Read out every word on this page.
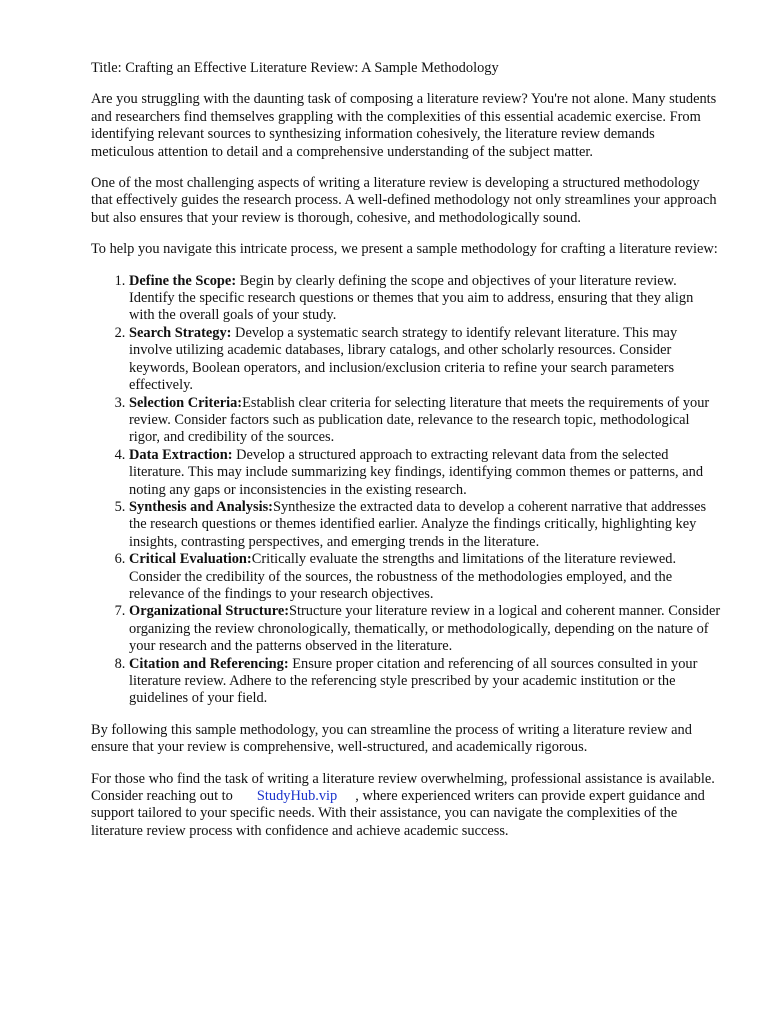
Title: Crafting an Effective Literature Review: A Sample Methodology

Are you struggling with the daunting task of composing a literature review? You're not alone. Many students and researchers find themselves grappling with the complexities of this essential academic exercise. From identifying relevant sources to synthesizing information cohesively, the literature review demands meticulous attention to detail and a comprehensive understanding of the subject matter.

One of the most challenging aspects of writing a literature review is developing a structured methodology that effectively guides the research process. A well-defined methodology not only streamlines your approach but also ensures that your review is thorough, cohesive, and methodologically sound.

To help you navigate this intricate process, we present a sample methodology for crafting a literature review:

1. Define the Scope: Begin by clearly defining the scope and objectives of your literature review. Identify the specific research questions or themes that you aim to address, ensuring that they align with the overall goals of your study.
2. Search Strategy: Develop a systematic search strategy to identify relevant literature. This may involve utilizing academic databases, library catalogs, and other scholarly resources. Consider keywords, Boolean operators, and inclusion/exclusion criteria to refine your search parameters effectively.
3. Selection Criteria:Establish clear criteria for selecting literature that meets the requirements of your review. Consider factors such as publication date, relevance to the research topic, methodological rigor, and credibility of the sources.
4. Data Extraction: Develop a structured approach to extracting relevant data from the selected literature. This may include summarizing key findings, identifying common themes or patterns, and noting any gaps or inconsistencies in the existing research.
5. Synthesis and Analysis:Synthesize the extracted data to develop a coherent narrative that addresses the research questions or themes identified earlier. Analyze the findings critically, highlighting key insights, contrasting perspectives, and emerging trends in the literature.
6. Critical Evaluation:Critically evaluate the strengths and limitations of the literature reviewed. Consider the credibility of the sources, the robustness of the methodologies employed, and the relevance of the findings to your research objectives.
7. Organizational Structure:Structure your literature review in a logical and coherent manner. Consider organizing the review chronologically, thematically, or methodologically, depending on the nature of your research and the patterns observed in the literature.
8. Citation and Referencing: Ensure proper citation and referencing of all sources consulted in your literature review. Adhere to the referencing style prescribed by your academic institution or the guidelines of your field.

By following this sample methodology, you can streamline the process of writing a literature review and ensure that your review is comprehensive, well-structured, and academically rigorous.

For those who find the task of writing a literature review overwhelming, professional assistance is available. Consider reaching out to StudyHub.vip , where experienced writers can provide expert guidance and support tailored to your specific needs. With their assistance, you can navigate the complexities of the literature review process with confidence and achieve academic success.
